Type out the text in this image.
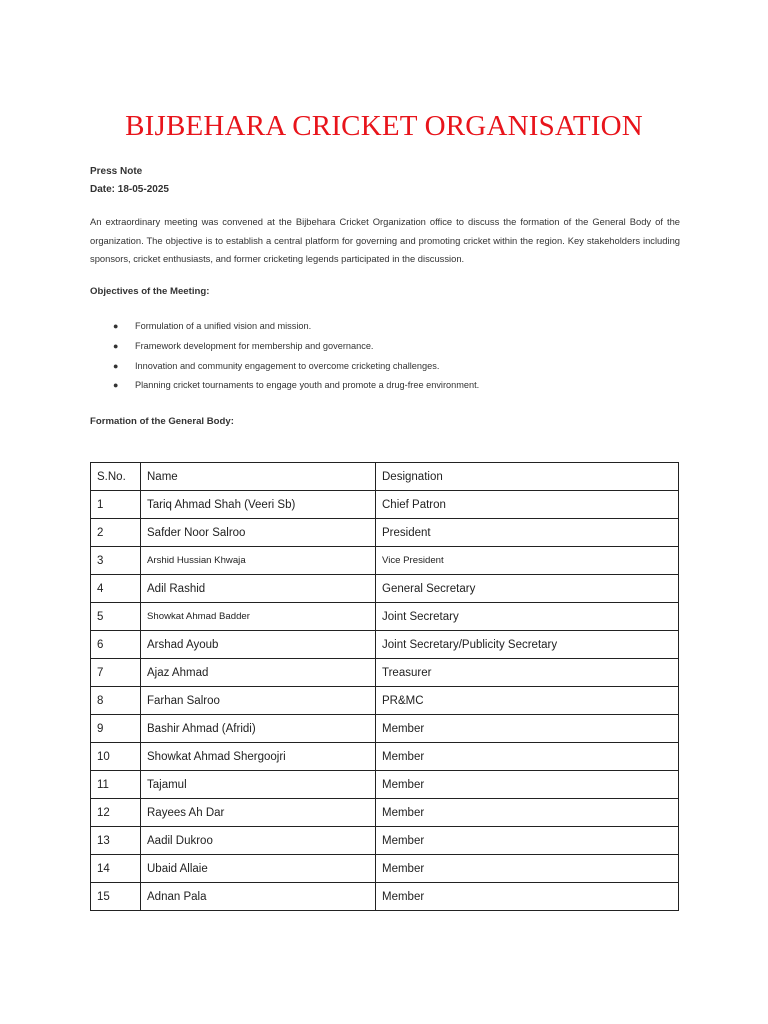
BIJBEHARA CRICKET ORGANISATION
Press Note
Date: 18-05-2025
An extraordinary meeting was convened at the Bijbehara Cricket Organization office to discuss the formation of the General Body of the organization. The objective is to establish a central platform for governing and promoting cricket within the region. Key stakeholders including sponsors, cricket enthusiasts, and former cricketing legends participated in the discussion.
Objectives of the Meeting:
● Formulation of a unified vision and mission.
● Framework development for membership and governance.
● Innovation and community engagement to overcome cricketing challenges.
● Planning cricket tournaments to engage youth and promote a drug-free environment.
Formation of the General Body:
S.No.	Name	Designation
1	Tariq Ahmad Shah (Veeri Sb)	Chief Patron
2	Safder Noor Salroo	President
3	Arshid Hussian Khwaja	Vice President
4	Adil Rashid	General Secretary
5	Showkat Ahmad Badder	Joint Secretary
6	Arshad Ayoub	Joint Secretary/Publicity Secretary
7	Ajaz Ahmad	Treasurer
8	Farhan Salroo	PR&MC
9	Bashir Ahmad (Afridi)	Member
10	Showkat Ahmad Shergoojri	Member
11	Tajamul	Member
12	Rayees Ah Dar	Member
13	Aadil Dukroo	Member
14	Ubaid Allaie	Member
15	Adnan Pala	Member
